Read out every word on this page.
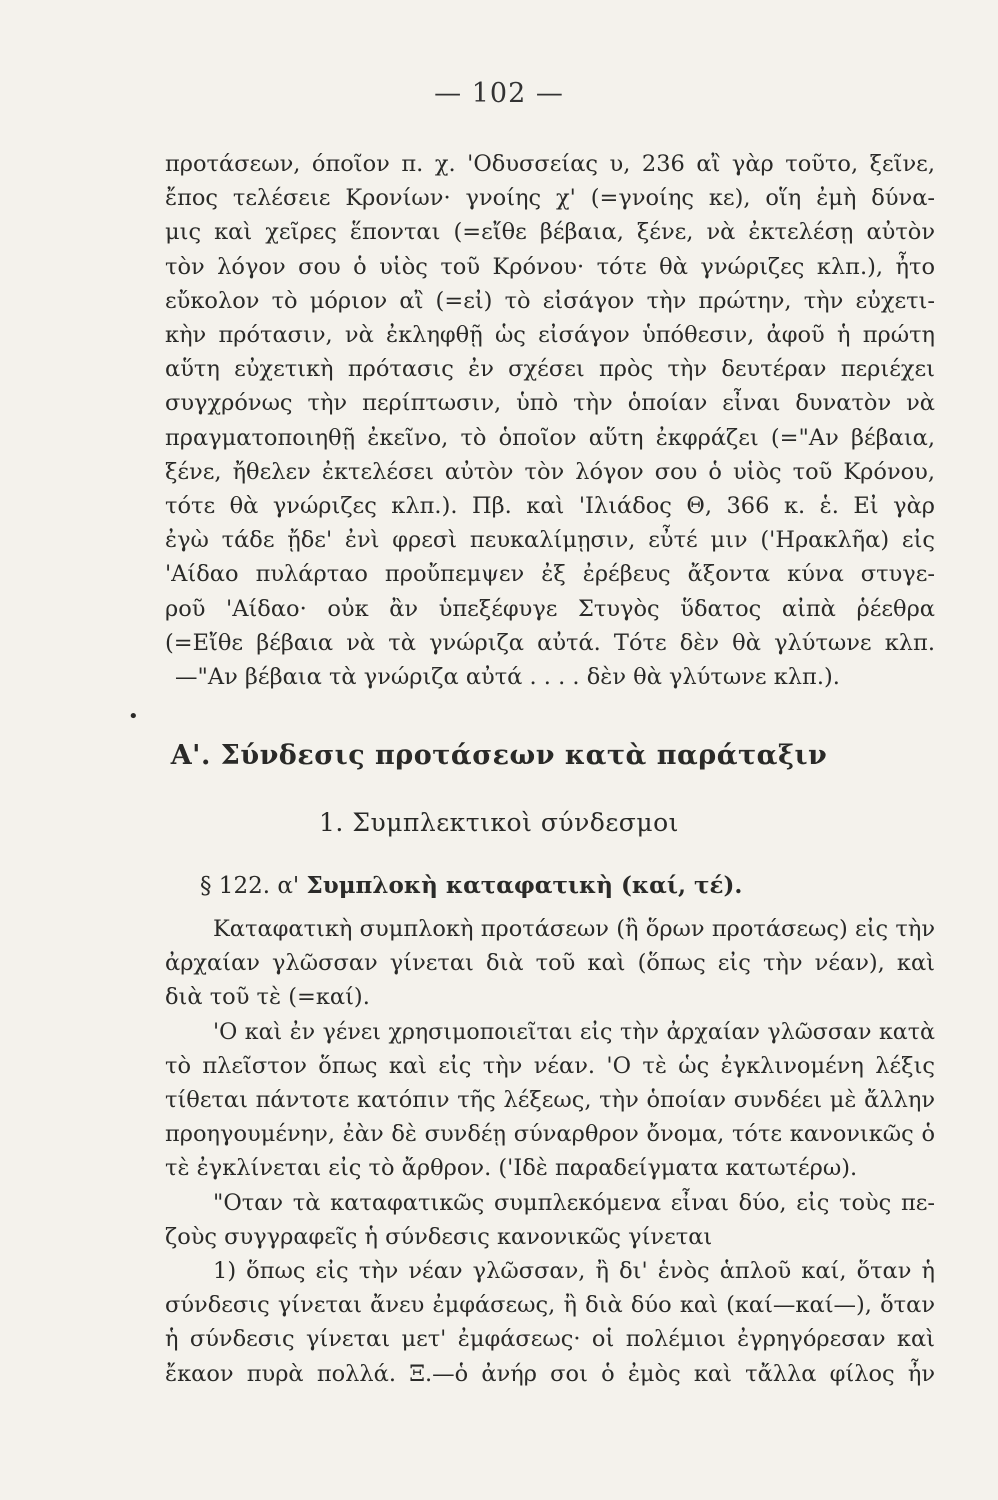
— 102 —
προτάσεων, όποῖον π. χ. 'Οδυσσείας υ, 236 αἲ γὰρ τοῦτο, ξεῖνε,
ἔπος τελέσειε Κρονίων· γνοίης χ' (=γνοίης κε), οἵη ἐμὴ δύνα-
μις καὶ χεῖρες ἕπονται (=εἴθε βέβαια, ξένε, νὰ ἐκτελέσῃ αὐτὸν
τὸν λόγον σου ὁ υἱὸς τοῦ Κρόνου· τότε θὰ γνώριζες κλπ.), ἦτο
εὔκολον τὸ μόριον αἲ (=εἰ) τὸ εἰσάγον τὴν πρώτην, τὴν εὐχετι-
κὴν πρότασιν, νὰ ἐκληφθῇ ὡς εἰσάγον ὑπόθεσιν, ἀφοῦ ἡ πρώτη
αὕτη εὐχετικὴ πρότασις ἐν σχέσει πρὸς τὴν δευτέραν περιέχει
συγχρόνως τὴν περίπτωσιν, ὑπὸ τὴν ὁποίαν εἶναι δυνατὸν νὰ
πραγματοποιηθῇ ἐκεῖνο, τὸ ὁποῖον αὕτη ἐκφράζει (="Αν βέβαια,
ξένε, ἤθελεν ἐκτελέσει αὐτὸν τὸν λόγον σου ὁ υἱὸς τοῦ Κρόνου,
τότε θὰ γνώριζες κλπ.). Πβ. καὶ 'Ιλιάδος Θ, 366 κ. ἑ. Εἰ γὰρ
ἐγὼ τάδε ᾔδε' ἐνὶ φρεσὶ πευκαλίμῃσιν, εὖτέ μιν ('Ηρακλῆα) εἰς
'Αίδαο πυλάρταο προὔπεμψεν ἐξ ἐρέβευς ἄξοντα κύνα στυγε-
ροῦ 'Αίδαο· οὐκ ἂν ὑπεξέφυγε Στυγὸς ὕδατος αἰπὰ ῥέεθρα
(=Εἴθε βέβαια νὰ τὰ γνώριζα αὐτά. Τότε δὲν θὰ γλύτωνε κλπ.
—"Αν βέβαια τὰ γνώριζα αὐτά . . . . δὲν θὰ γλύτωνε κλπ.).
•
Α'. Σύνδεσις προτάσεων κατὰ παράταξιν
1. Συμπλεκτικοὶ σύνδεσμοι
§ 122. α' Συμπλοκὴ καταφατικὴ (καί, τέ).
Καταφατικὴ συμπλοκὴ προτάσεων (ἢ ὅρων προτάσεως) εἰς τὴν
ἀρχαίαν γλῶσσαν γίνεται διὰ τοῦ καὶ (ὅπως εἰς τὴν νέαν), καὶ
διὰ τοῦ τὲ (=καί).
'Ο καὶ ἐν γένει χρησιμοποιεῖται εἰς τὴν ἀρχαίαν γλῶσσαν κατὰ
τὸ πλεῖστον ὅπως καὶ εἰς τὴν νέαν. 'Ο τὲ ὡς ἐγκλινομένη λέξις
τίθεται πάντοτε κατόπιν τῆς λέξεως, τὴν ὁποίαν συνδέει μὲ ἄλλην
προηγουμένην, ἐὰν δὲ συνδέῃ σύναρθρον ὄνομα, τότε κανονικῶς ὁ
τὲ ἐγκλίνεται εἰς τὸ ἄρθρον. ('Ιδὲ παραδείγματα κατωτέρω).
"Οταν τὰ καταφατικῶς συμπλεκόμενα εἶναι δύο, εἰς τοὺς πε-
ζοὺς συγγραφεῖς ἡ σύνδεσις κανονικῶς γίνεται
1) ὅπως εἰς τὴν νέαν γλῶσσαν, ἢ δι' ἑνὸς ἁπλοῦ καί, ὅταν ἡ
σύνδεσις γίνεται ἄνευ ἐμφάσεως, ἢ διὰ δύο καὶ (καί—καί—), ὅταν
ἡ σύνδεσις γίνεται μετ' ἐμφάσεως· οἱ πολέμιοι ἐγρηγόρεσαν καὶ
ἔκαον πυρὰ πολλά. Ξ.—ὁ ἀνήρ σοι ὁ ἐμὸς καὶ τἄλλα φίλος ἦν
